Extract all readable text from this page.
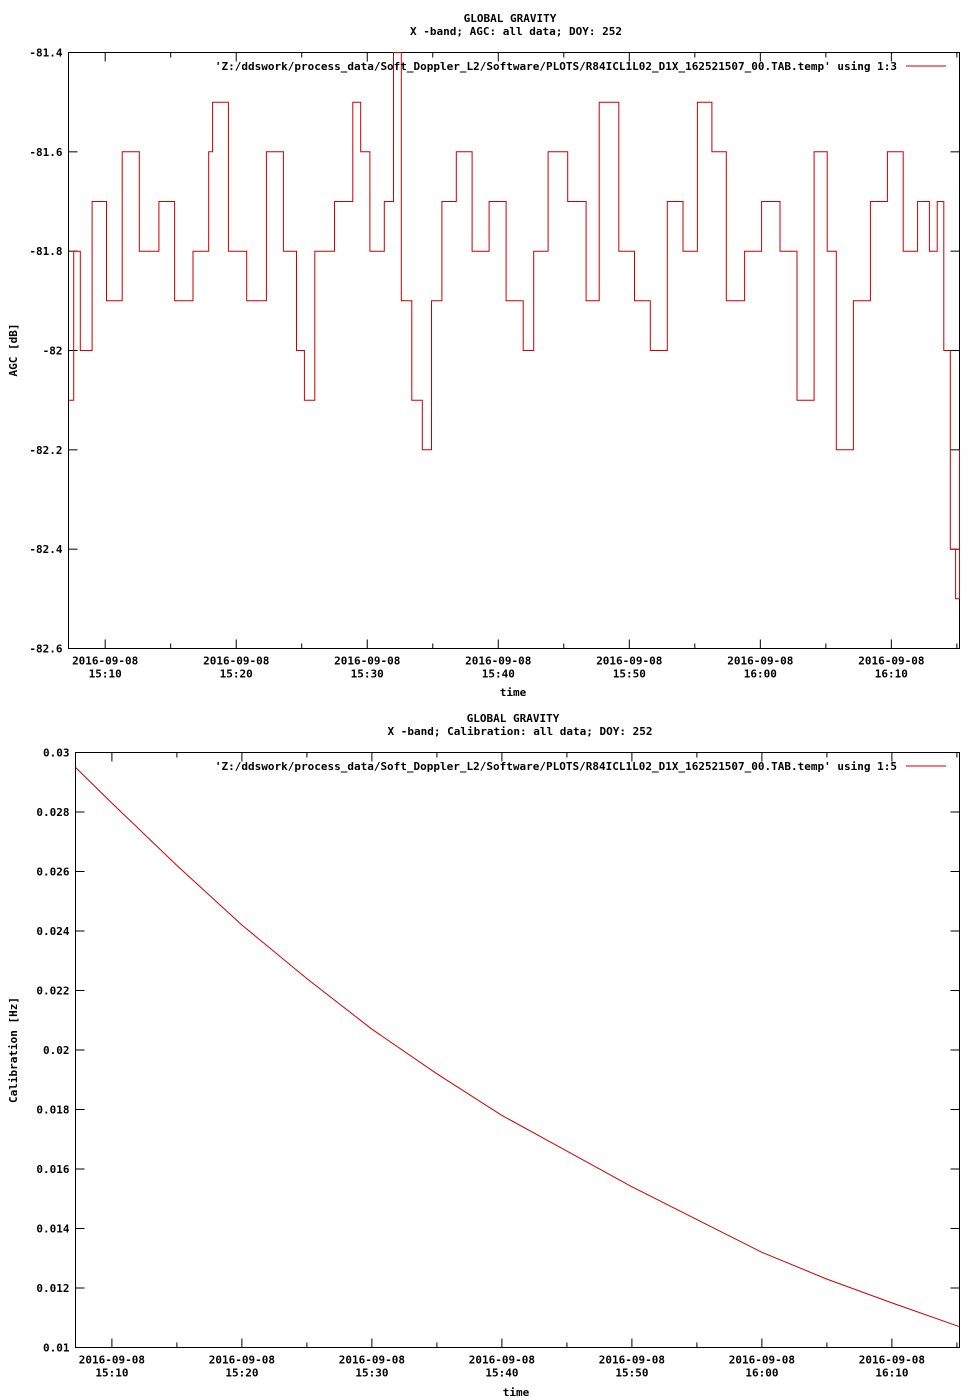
GLOBAL GRAVITY
X -band; AGC: all data; DOY: 252
-81.4
-81.6
-81.8
-82
-82.2
-82.4
-82.6
2016-09-08
15:10
2016-09-08
15:20
2016-09-08
15:30
2016-09-08
15:40
2016-09-08
15:50
2016-09-08
16:00
2016-09-08
16:10
'Z:/ddswork/process_data/Soft_Doppler_L2/Software/PLOTS/R84ICL1L02_D1X_162521507_00.TAB.temp' using 1:3
time
AGC [dB]
GLOBAL GRAVITY
X -band; Calibration: all data; DOY: 252
0.03
0.028
0.026
0.024
0.022
0.02
0.018
0.016
0.014
0.012
0.01
2016-09-08
15:10
2016-09-08
15:20
2016-09-08
15:30
2016-09-08
15:40
2016-09-08
15:50
2016-09-08
16:00
2016-09-08
16:10
'Z:/ddswork/process_data/Soft_Doppler_L2/Software/PLOTS/R84ICL1L02_D1X_162521507_00.TAB.temp' using 1:5
time
Calibration [Hz]
